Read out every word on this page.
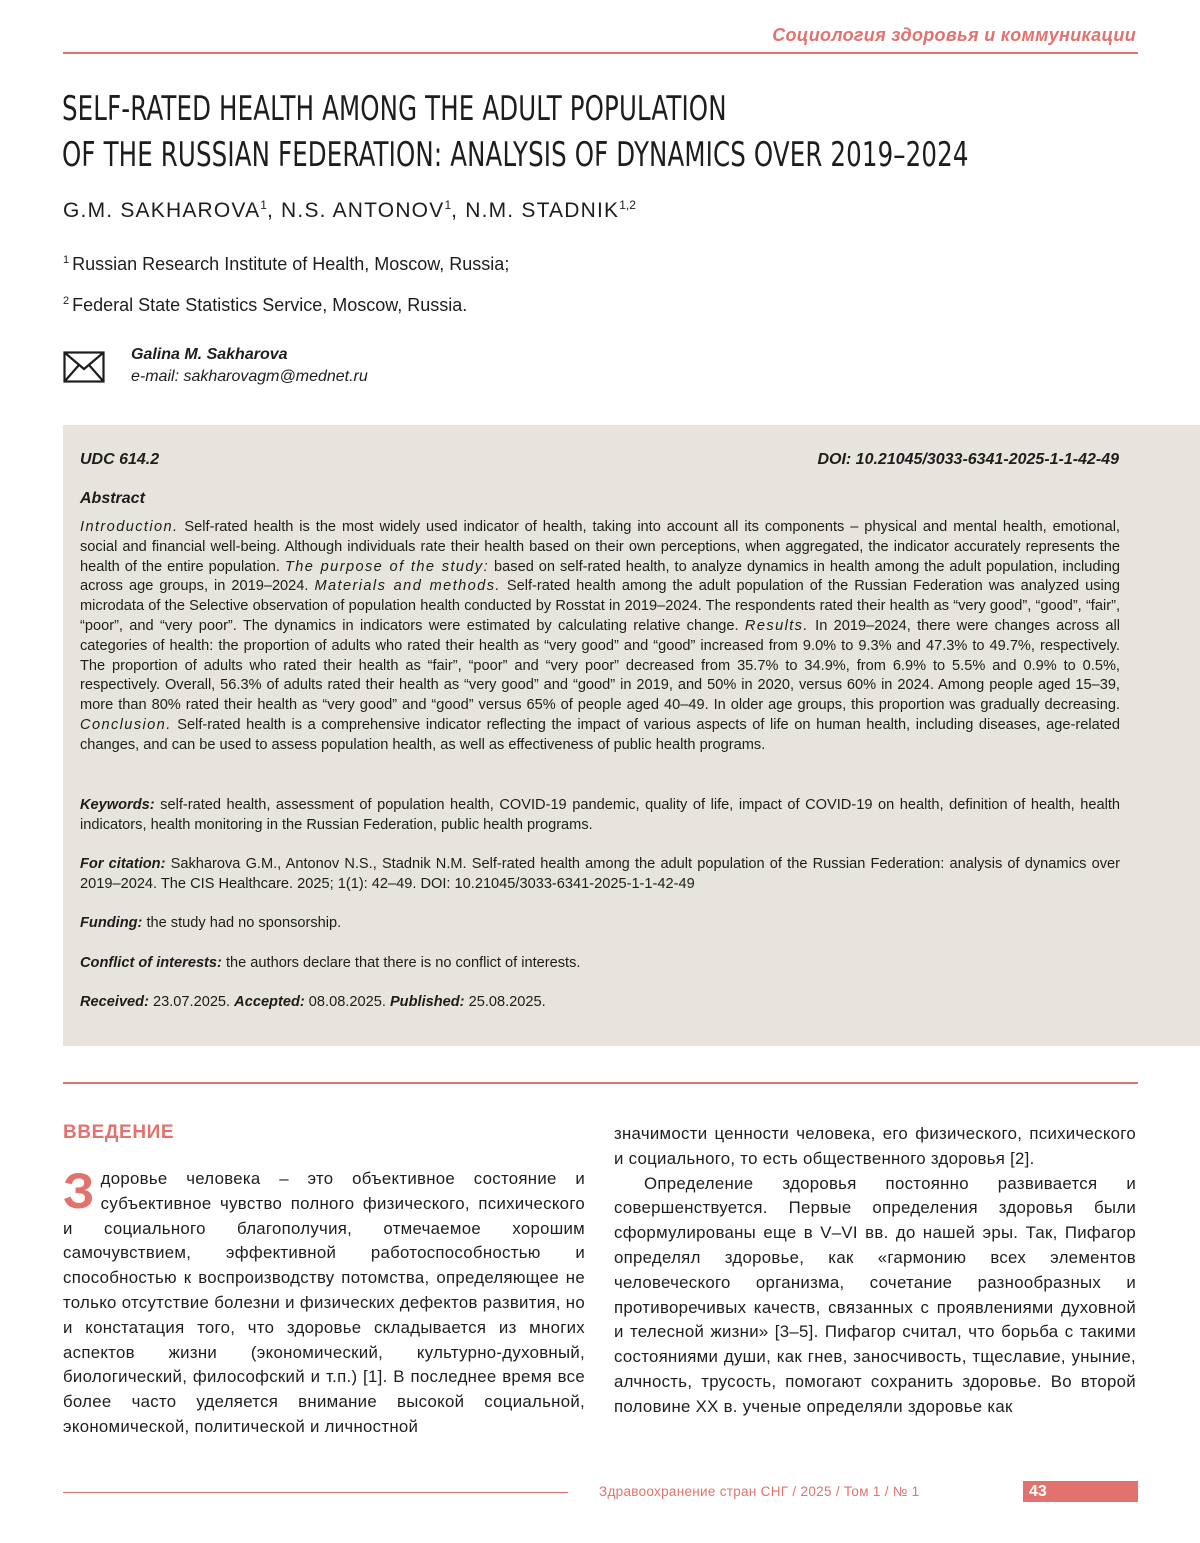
Социология здоровья и коммуникации
SELF-RATED HEALTH AMONG THE ADULT POPULATION
OF THE RUSSIAN FEDERATION: ANALYSIS OF DYNAMICS OVER 2019–2024
G.M. SAKHAROVA$^1$, N.S. ANTONOV$^1$, N.M. STADNIK$^{1,2}$
$^1$ Russian Research Institute of Health, Moscow, Russia;
$^2$ Federal State Statistics Service, Moscow, Russia.
Galina M. Sakharova
e-mail: sakharovagm@mednet.ru
UDC 614.2	DOI: 10.21045/3033-6341-2025-1-1-42-49
Abstract

Introduction. Self-rated health is the most widely used indicator of health, taking into account all its components – physical and mental health, emotional, social and financial well-being. Although individuals rate their health based on their own perceptions, when aggregated, the indicator accurately represents the health of the entire population. The purpose of the study: based on self-rated health, to analyze dynamics in health among the adult population, including across age groups, in 2019–2024. Materials and methods. Self-rated health among the adult population of the Russian Federation was analyzed using microdata of the Selective observation of population health conducted by Rosstat in 2019–2024. The respondents rated their health as “very good”, “good”, “fair”, “poor”, and “very poor”. The dynamics in indicators were estimated by calculating relative change. Results. In 2019–2024, there were changes across all categories of health: the proportion of adults who rated their health as “very good” and “good” increased from 9.0% to 9.3% and 47.3% to 49.7%, respectively. The proportion of adults who rated their health as “fair”, “poor” and “very poor” decreased from 35.7% to 34.9%, from 6.9% to 5.5% and 0.9% to 0.5%, respectively. Overall, 56.3% of adults rated their health as “very good” and “good” in 2019, and 50% in 2020, versus 60% in 2024. Among people aged 15–39, more than 80% rated their health as “very good” and “good” versus 65% of people aged 40–49. In older age groups, this proportion was gradually decreasing. Conclusion. Self-rated health is a comprehensive indicator reflecting the impact of various aspects of life on human health, including diseases, age-related changes, and can be used to assess population health, as well as effectiveness of public health programs.

Keywords: self-rated health, assessment of population health, COVID-19 pandemic, quality of life, impact of COVID-19 on health, definition of health, health indicators, health monitoring in the Russian Federation, public health programs.

For citation: Sakharova G.M., Antonov N.S., Stadnik N.M. Self-rated health among the adult population of the Russian Federation: analysis of dynamics over 2019–2024. The CIS Healthcare. 2025; 1(1): 42–49. DOI: 10.21045/3033-6341-2025-1-1-42-49

Funding: the study had no sponsorship.

Conflict of interests: the authors declare that there is no conflict of interests.

Received: 23.07.2025. Accepted: 08.08.2025. Published: 25.08.2025.

ВВЕДЕНИЕ

Здоровье человека – это объективное состояние и субъективное чувство полного физического, психического и социального благополучия, отмечаемое хорошим самочувствием, эффективной работоспособностью и способностью к воспроизводству потомства, определяющее не только отсутствие болезни и физических дефектов развития, но и констатация того, что здоровье складывается из многих аспектов жизни (экономический, культурно-духовный, биологический, философский и т.п.) [1]. В последнее время все более часто уделяется внимание высокой социальной, экономической, политической и личностной

значимости ценности человека, его физического, психического и социального, то есть общественного здоровья [2].
Определение здоровья постоянно развивается и совершенствуется. Первые определения здоровья были сформулированы еще в V–VI вв. до нашей эры. Так, Пифагор определял здоровье, как «гармонию всех элементов человеческого организма, сочетание разнообразных и противоречивых качеств, связанных с проявлениями духовной и телесной жизни» [3–5]. Пифагор считал, что борьба с такими состояниями души, как гнев, заносчивость, тщеславие, уныние, алчность, трусость, помогают сохранить здоровье. Во второй половине XX в. ученые определяли здоровье как
Здравоохранение стран СНГ / 2025 / Том 1 / № 1	43
